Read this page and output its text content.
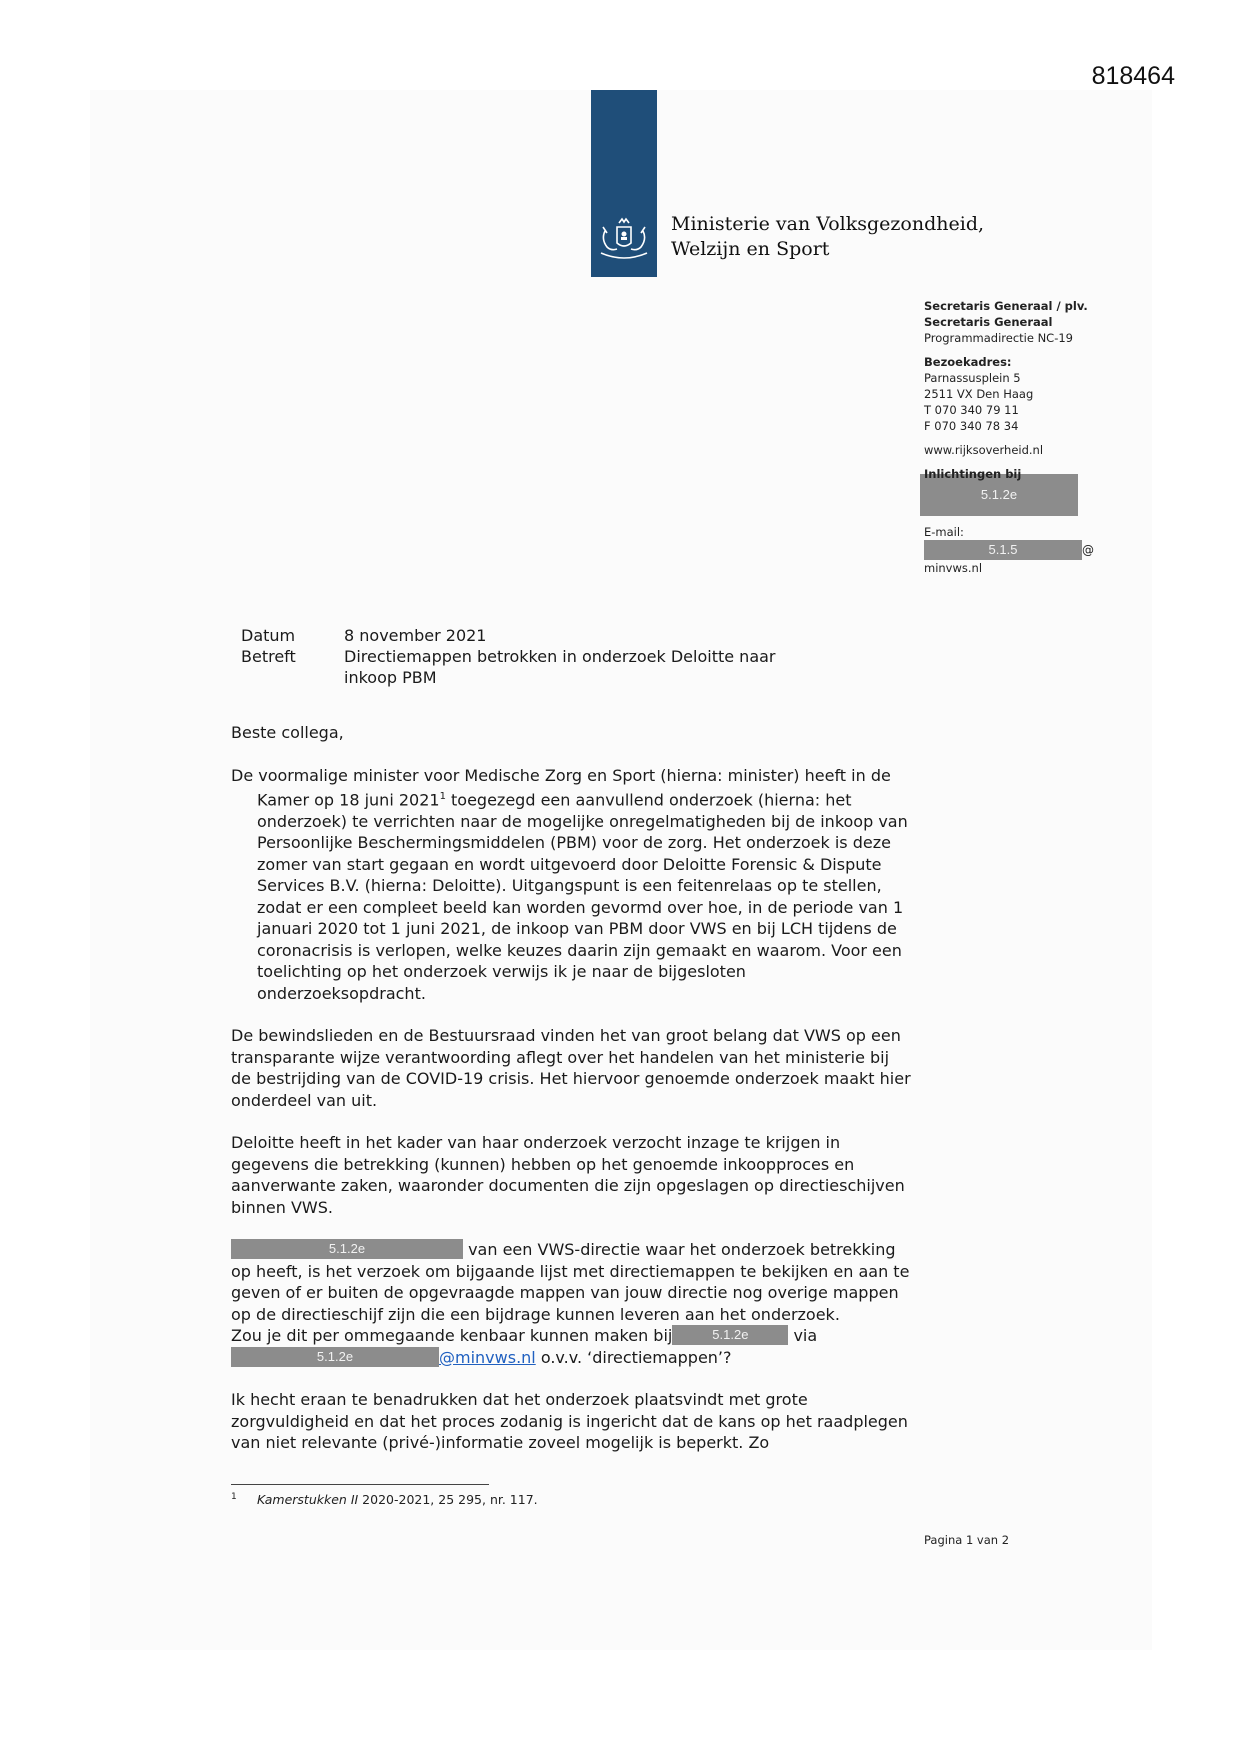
818464
Ministerie van Volksgezondheid,
Welzijn en Sport
Secretaris Generaal / plv.
Secretaris Generaal
Programmadirectie NC-19
Bezoekadres:
Parnassusplein 5
2511 VX Den Haag
T 070 340 79 11
F 070 340 78 34
www.rijksoverheid.nl
Inlichtingen bij
5.1.2e
E-mail:
5.1.5	@
minvws.nl
Datum	8 november 2021
Betreft	Directiemappen betrokken in onderzoek Deloitte naar inkoop PBM

Beste collega,

De voormalige minister voor Medische Zorg en Sport (hierna: minister) heeft in de Kamer op 18 juni 2021$^1$ toegezegd een aanvullend onderzoek (hierna: het onderzoek) te verrichten naar de mogelijke onregelmatigheden bij de inkoop van Persoonlijke Beschermingsmiddelen (PBM) voor de zorg. Het onderzoek is deze zomer van start gegaan en wordt uitgevoerd door Deloitte Forensic & Dispute Services B.V. (hierna: Deloitte). Uitgangspunt is een feitenrelaas op te stellen, zodat er een compleet beeld kan worden gevormd over hoe, in de periode van 1 januari 2020 tot 1 juni 2021, de inkoop van PBM door VWS en bij LCH tijdens de coronacrisis is verlopen, welke keuzes daarin zijn gemaakt en waarom. Voor een toelichting op het onderzoek verwijs ik je naar de bijgesloten onderzoeksopdracht.

De bewindslieden en de Bestuursraad vinden het van groot belang dat VWS op een transparante wijze verantwoording aflegt over het handelen van het ministerie bij de bestrijding van de COVID-19 crisis. Het hiervoor genoemde onderzoek maakt hier onderdeel van uit.

Deloitte heeft in het kader van haar onderzoek verzocht inzage te krijgen in gegevens die betrekking (kunnen) hebben op het genoemde inkoopproces en aanverwante zaken, waaronder documenten die zijn opgeslagen op directieschijven binnen VWS.

5.1.2e	van een VWS-directie waar het onderzoek betrekking op heeft, is het verzoek om bijgaande lijst met directiemappen te bekijken en aan te geven of er buiten de opgevraagde mappen van jouw directie nog overige mappen op de directieschijf zijn die een bijdrage kunnen leveren aan het onderzoek.
Zou je dit per ommegaande kenbaar kunnen maken bij	5.1.2e via
5.1.2e	@minvws.nl o.v.v. ‘directiemappen’?

Ik hecht eraan te benadrukken dat het onderzoek plaatsvindt met grote zorgvuldigheid en dat het proces zodanig is ingericht dat de kans op het raadplegen van niet relevante (privé-)informatie zoveel mogelijk is beperkt. Zo

1 Kamerstukken II 2020-2021, 25 295, nr. 117.
Pagina 1 van 2
